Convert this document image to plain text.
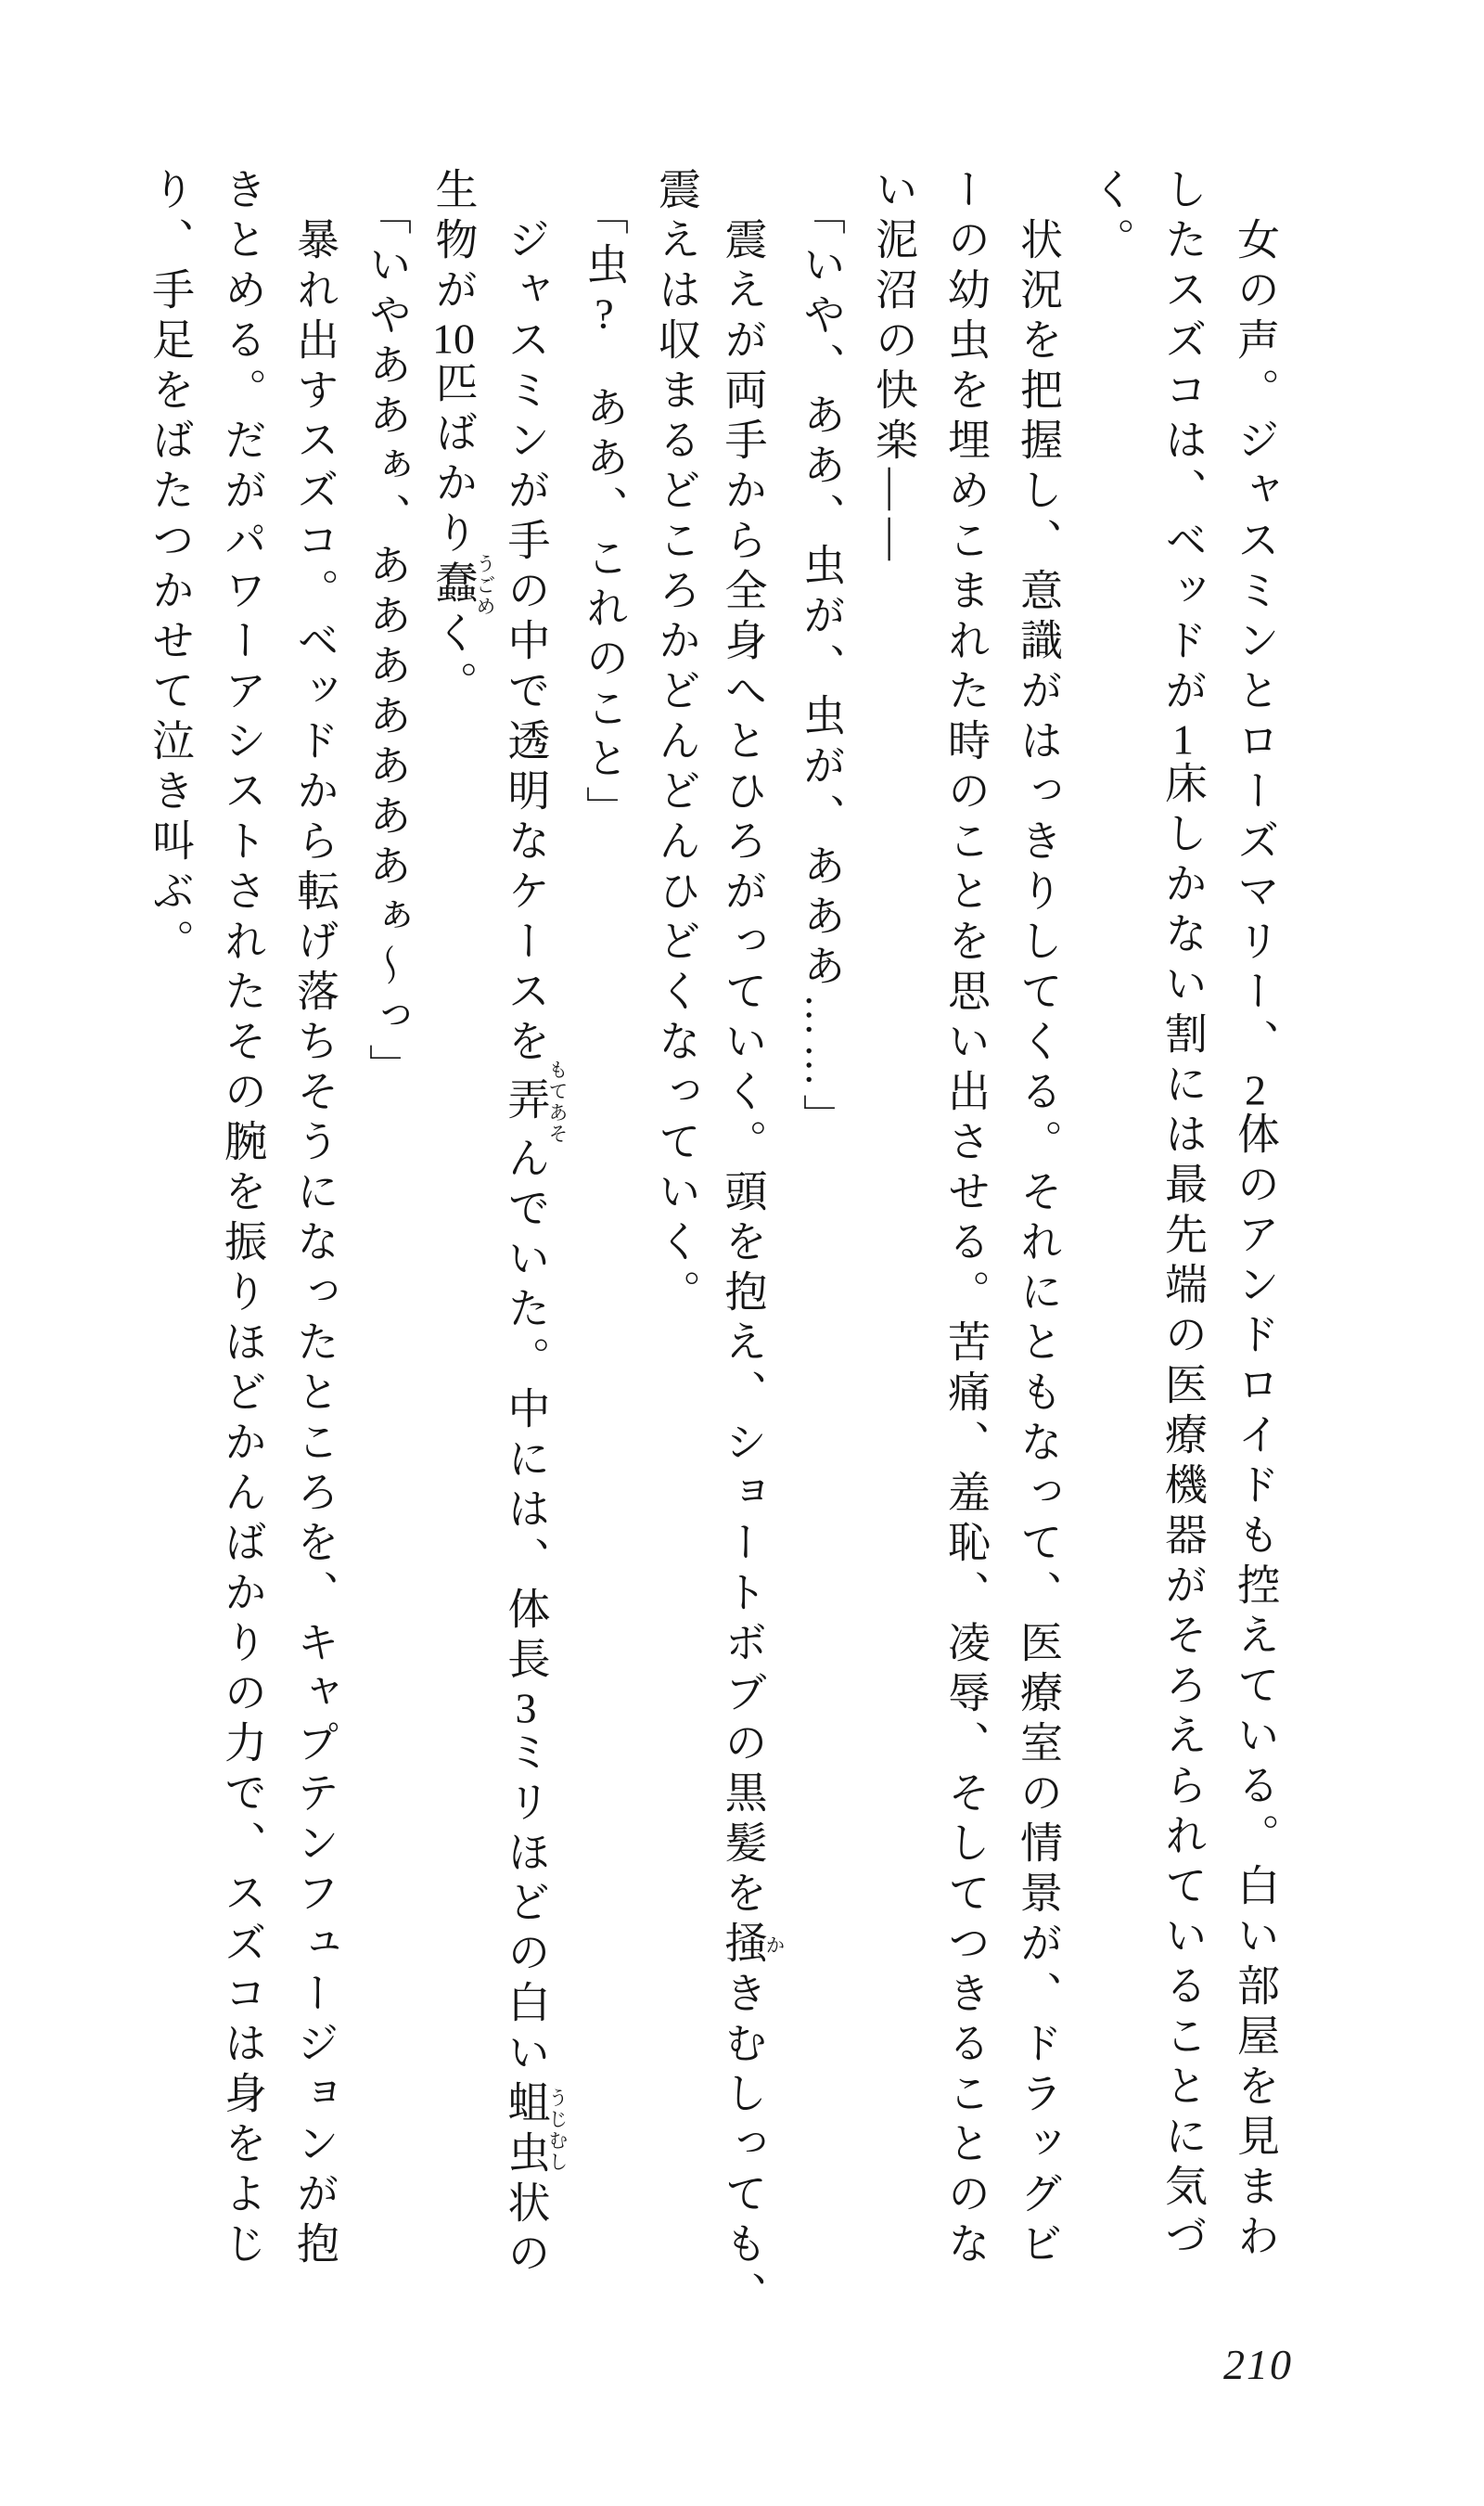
女の声。ジャスミンとローズマリー、2体のアンドロイドも控えている。白い部屋を見まわ
したスズコは、ベッドが1床しかない割には最先端の医療機器がそろえられていることに気づ
く。
状況を把握し、意識がはっきりしてくる。それにともなって、医療室の情景が、ドラッグビ
ーの幼虫を埋めこまれた時のことを思い出させる。苦痛、羞恥、凌辱、そしてつきることのな
い泥沼の快楽――
「いや、ああ、虫が、虫が、あああ……」
震えが両手から全身へとひろがっていく。頭を抱え、ショートボブの黒髪を掻かきむしっても、
震えは収まるどころかどんどんひどくなっていく。
「虫?　ああ、これのこと」
ジャスミンが手の中で透明なケースを弄もてあそんでいた。中には、体長3ミリほどの白い蛆虫うじむし状の
生物が10匹ばかり蠢うごめく。
「いやああぁ、あああああああぁ〜っ」
暴れ出すスズコ。ベッドから転げ落ちそうになったところを、キャプテンフュージョンが抱
きとめる。だがパワーアシストされたその腕を振りほどかんばかりの力で、スズコは身をよじ
り、手足をばたつかせて泣き叫ぶ。
210
